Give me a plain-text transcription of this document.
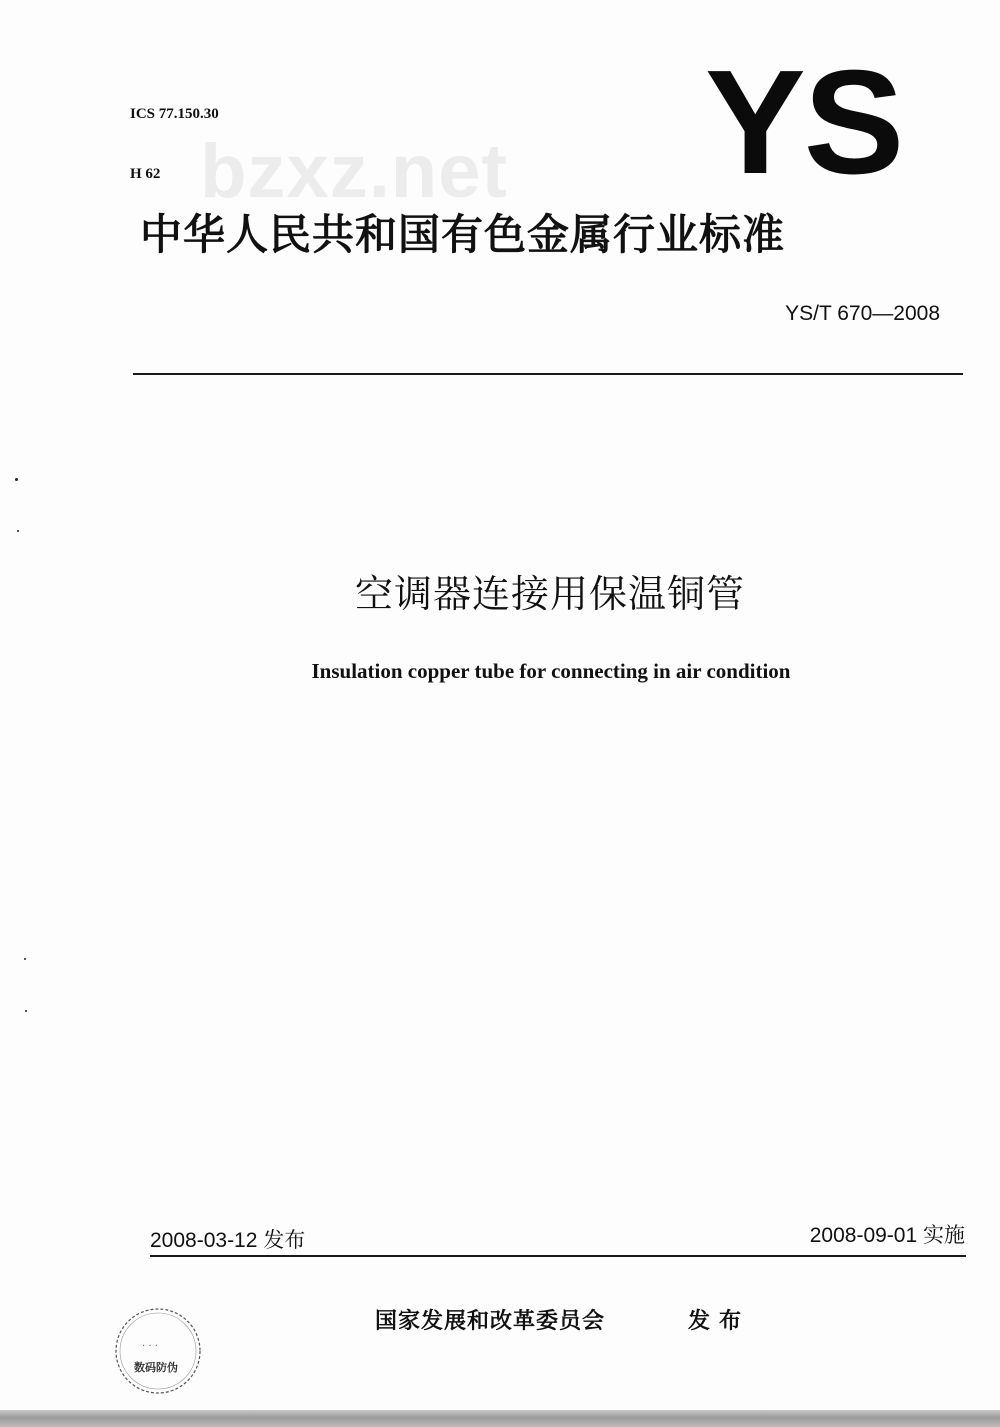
ICS 77.150.30

H 62

bzxz.net YS
中华人民共和国有色金属行业标准
YS/T 670—2008
空调器连接用保温铜管
Insulation copper tube for connecting in air condition
2008-03-12 发布	2008-09-01 实施
· · ·
数码防伪
国家发展和改革委员会	发布
